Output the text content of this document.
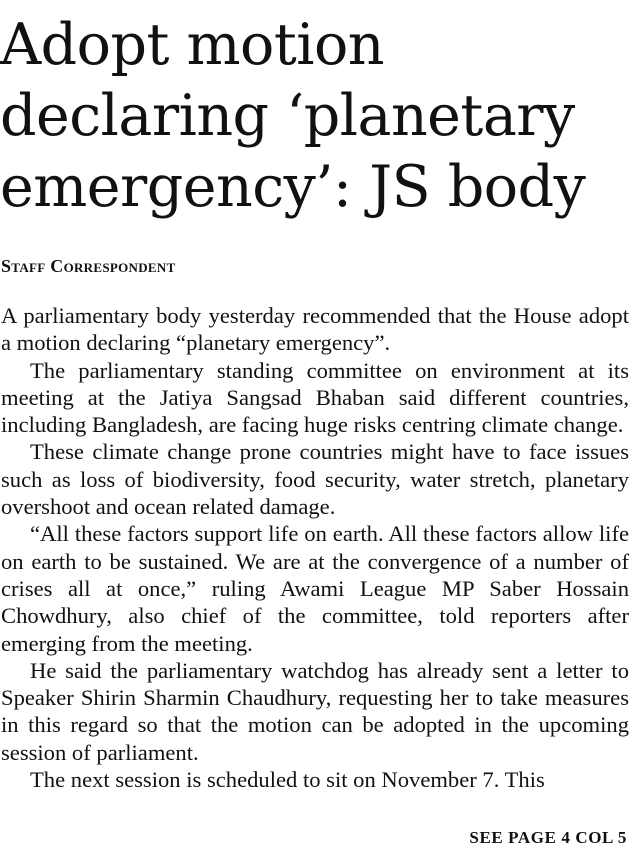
Adopt motion
declaring ‘planetary
emergency’: JS body
Staff Correspondent

A parliamentary body yesterday recommended that the House adopt a motion declaring “planetary emergency”.

The parliamentary standing committee on environment at its meeting at the Jatiya Sangsad Bhaban said different countries, including Bangladesh, are facing huge risks centring climate change.

These climate change prone countries might have to face issues such as loss of biodiversity, food security, water stretch, planetary overshoot and ocean related damage.

“All these factors support life on earth. All these factors allow life on earth to be sustained. We are at the convergence of a number of crises all at once,” ruling Awami League MP Saber Hossain Chowdhury, also chief of the committee, told reporters after emerging from the meeting.

He said the parliamentary watchdog has already sent a letter to Speaker Shirin Sharmin Chaudhury, requesting her to take measures in this regard so that the motion can be adopted in the upcoming session of parliament.

The next session is scheduled to sit on November 7. This

SEE PAGE 4 COL 5
